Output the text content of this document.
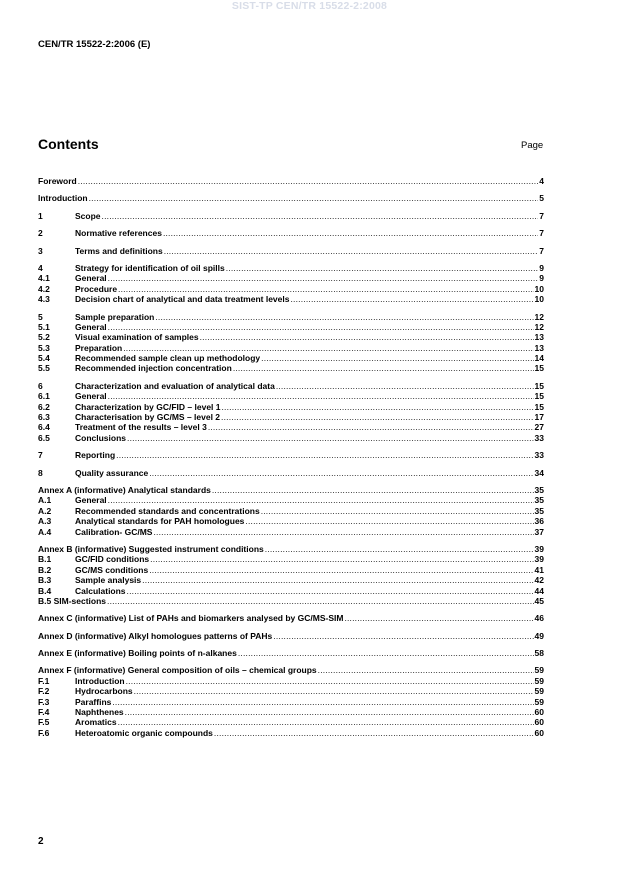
SIST-TP CEN/TR 15522-2:2008
CEN/TR 15522-2:2006 (E)
Contents	Page
Foreword .....	4
Introduction .....	5
1	Scope .....	7
2	Normative references .....	7
3	Terms and definitions .....	7
4	Strategy for identification of oil spills .....	9
4.1	General .....	9
4.2	Procedure .....	10
4.3	Decision chart of analytical and data treatment levels .....	10
5	Sample preparation .....	12
5.1	General .....	12
5.2	Visual examination of samples .....	13
5.3	Preparation .....	13
5.4	Recommended sample clean up methodology .....	14
5.5	Recommended injection concentration .....	15
6	Characterization and evaluation of analytical data .....	15
6.1	General .....	15
6.2	Characterization by GC/FID – level 1 .....	15
6.3	Characterisation by GC/MS – level 2 .....	17
6.4	Treatment of the results – level 3 .....	27
6.5	Conclusions .....	33
7	Reporting .....	33
8	Quality assurance .....	34
Annex A (informative) Analytical standards .....	35
A.1	General .....	35
A.2	Recommended standards and concentrations .....	35
A.3	Analytical standards for PAH homologues .....	36
A.4	Calibration- GC/MS .....	37
Annex B (informative) Suggested instrument conditions .....	39
B.1	GC/FID conditions .....	39
B.2	GC/MS conditions .....	41
B.3	Sample analysis .....	42
B.4	Calculations .....	44
B.5 SIM-sections .....	45
Annex C (informative) List of PAHs and biomarkers analysed by GC/MS-SIM .....	46
Annex D (informative) Alkyl homologues patterns of PAHs .....	49
Annex E (informative) Boiling points of n-alkanes .....	58
Annex F (informative) General composition of oils – chemical groups .....	59
F.1	Introduction .....	59
F.2	Hydrocarbons .....	59
F.3	Paraffins .....	59
F.4	Naphthenes .....	60
F.5	Aromatics .....	60
F.6	Heteroatomic organic compounds .....	60
2
